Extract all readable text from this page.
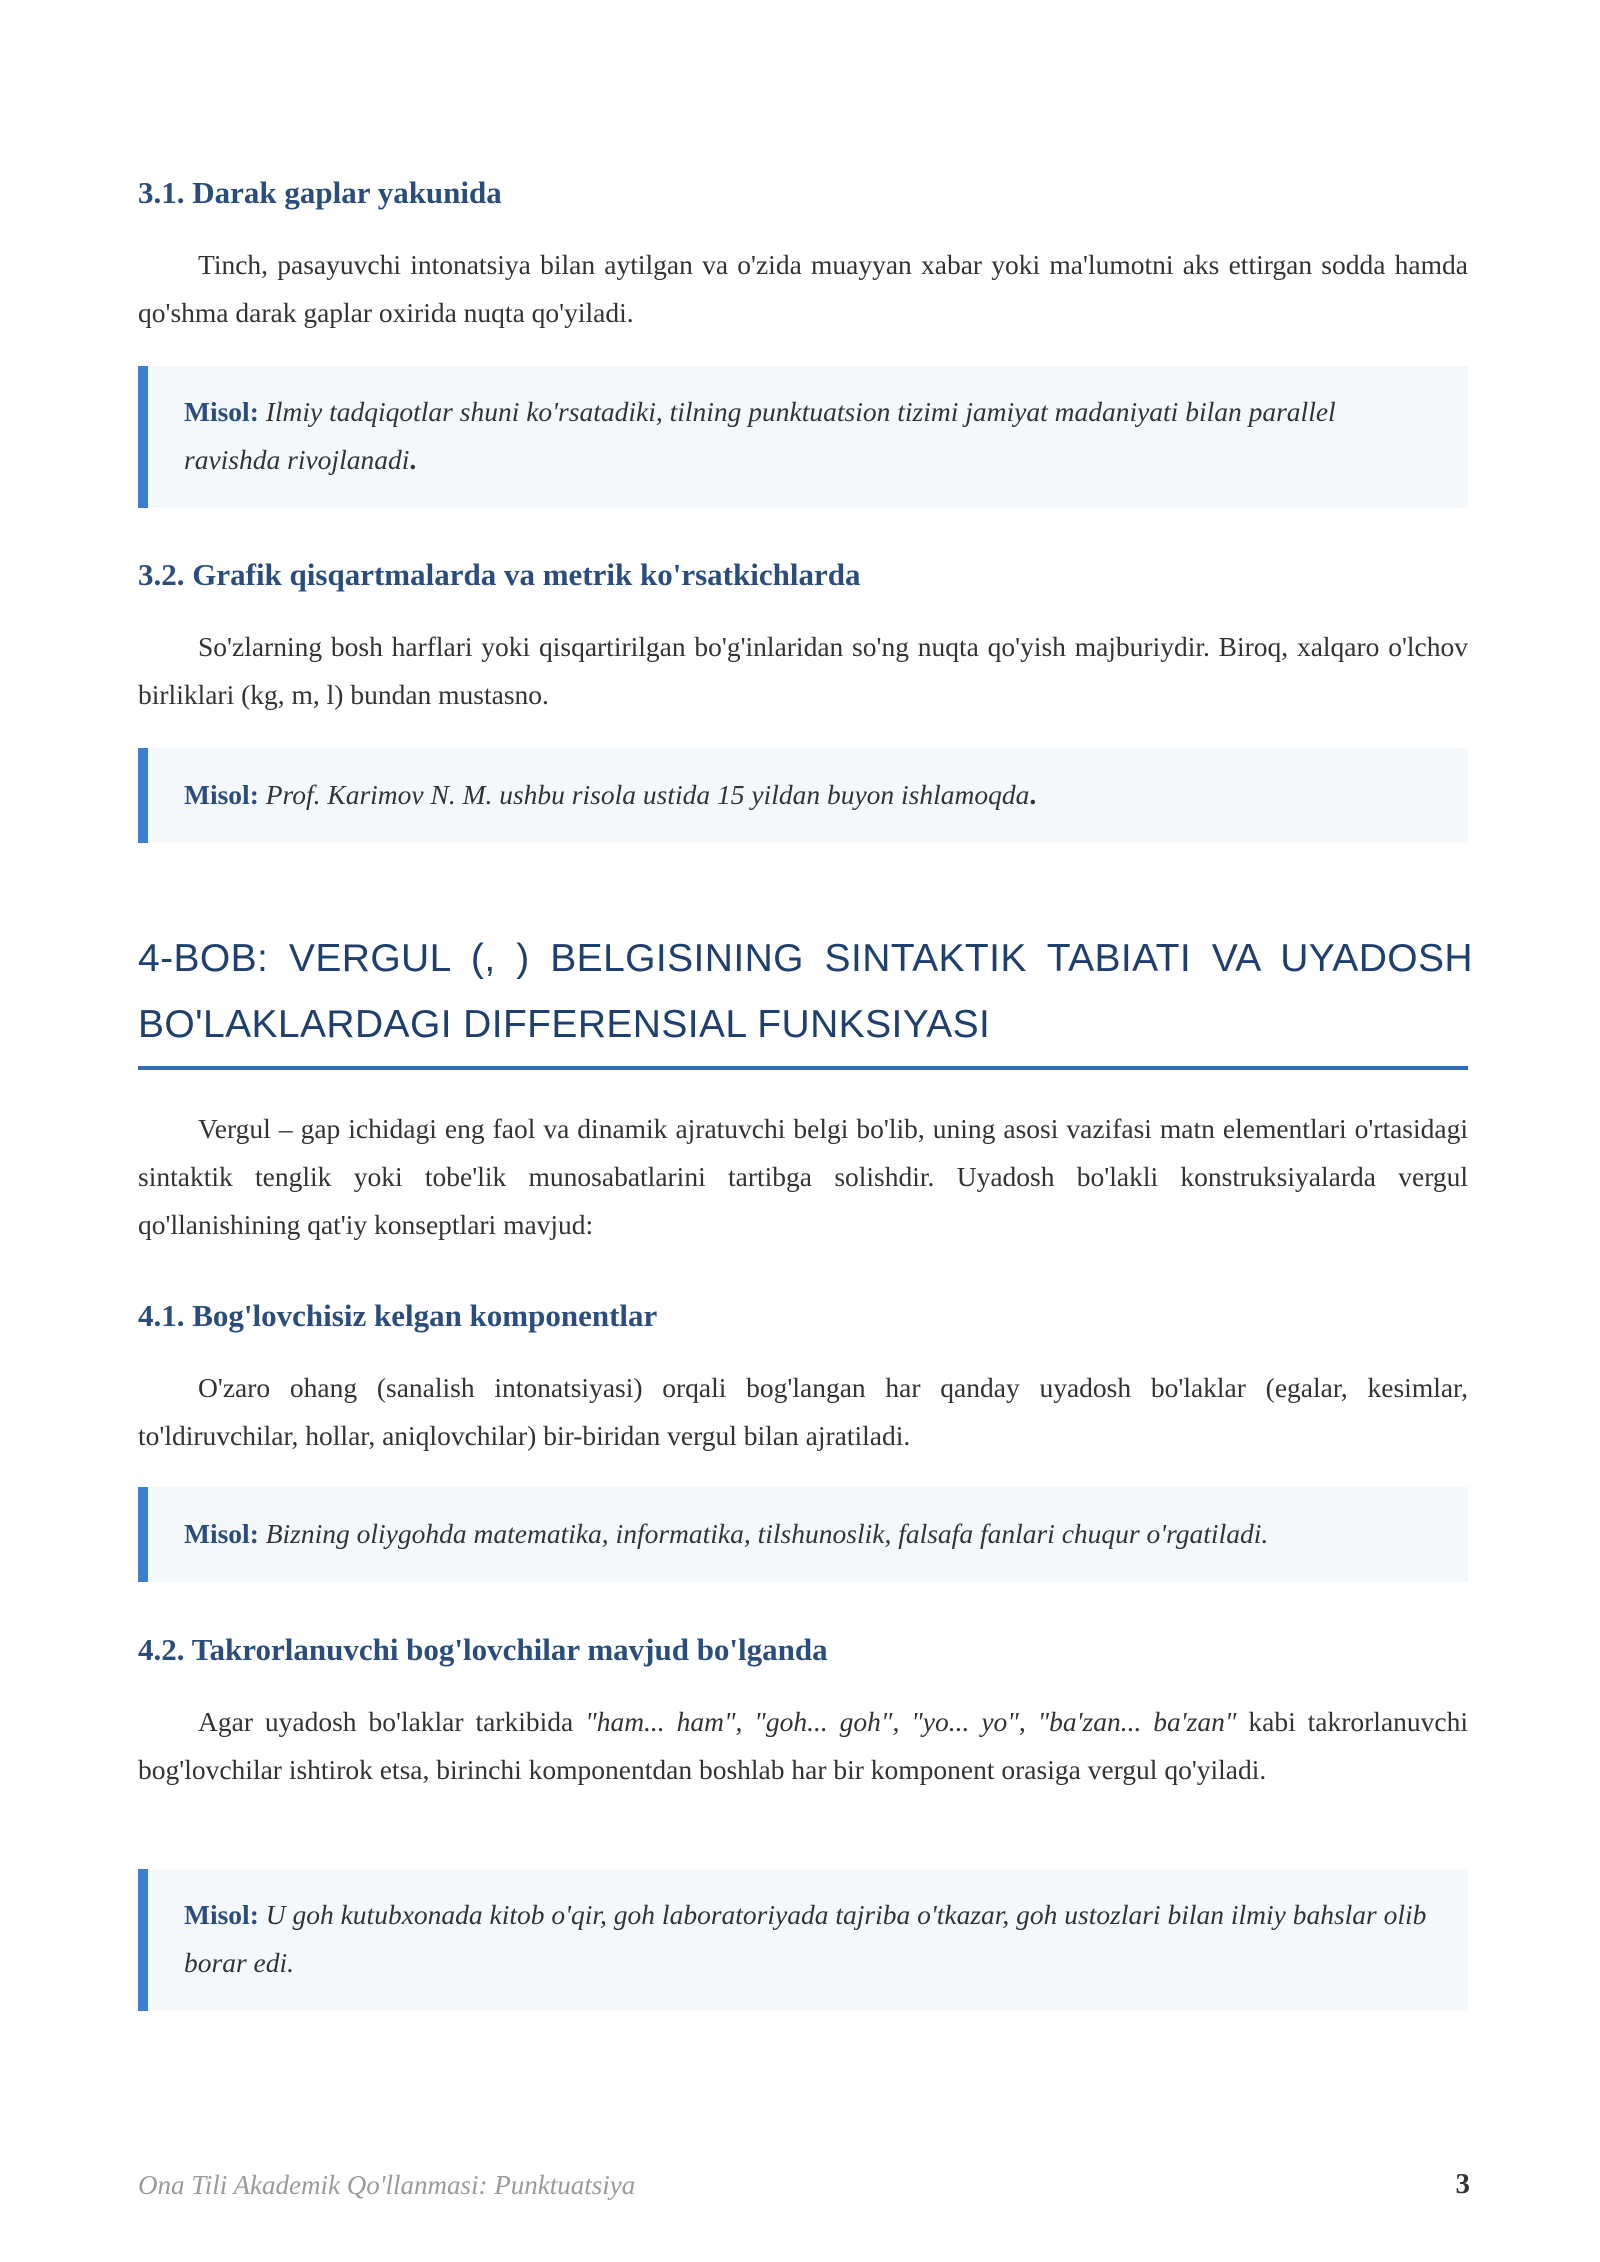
3.1. Darak gaplar yakunida

Tinch, pasayuvchi intonatsiya bilan aytilgan va o'zida muayyan xabar yoki ma'lumotni aks ettirgan sodda hamda qo'shma darak gaplar oxirida nuqta qo'yiladi.

Misol: Ilmiy tadqiqotlar shuni ko'rsatadiki, tilning punktuatsion tizimi jamiyat madaniyati bilan parallel ravishda rivojlanadi.
3.2. Grafik qisqartmalarda va metrik ko'rsatkichlarda

So'zlarning bosh harflari yoki qisqartirilgan bo'g'inlaridan so'ng nuqta qo'yish majburiydir. Biroq, xalqaro o'lchov birliklari (kg, m, l) bundan mustasno.

Misol: Prof. Karimov N. M. ushbu risola ustida 15 yildan buyon ishlamoqda.
4-BOB: VERGUL (, ) BELGISINING SINTAKTIK TABIATI VA UYADOSH BO'LAKLARDAGI DIFFERENSIAL FUNKSIYASI

Vergul – gap ichidagi eng faol va dinamik ajratuvchi belgi bo'lib, uning asosi vazifasi matn elementlari o'rtasidagi sintaktik tenglik yoki tobe'lik munosabatlarini tartibga solishdir. Uyadosh bo'lakli konstruksiyalarda vergul qo'llanishining qat'iy konseptlari mavjud:

4.1. Bog'lovchisiz kelgan komponentlar

O'zaro ohang (sanalish intonatsiyasi) orqali bog'langan har qanday uyadosh bo'laklar (egalar, kesimlar, to'ldiruvchilar, hollar, aniqlovchilar) bir-biridan vergul bilan ajratiladi.

Misol: Bizning oliygohda matematika, informatika, tilshunoslik, falsafa fanlari chuqur o'rgatiladi.
4.2. Takrorlanuvchi bog'lovchilar mavjud bo'lganda

Agar uyadosh bo'laklar tarkibida "ham... ham", "goh... goh", "yo... yo", "ba'zan... ba'zan" kabi takrorlanuvchi bog'lovchilar ishtirok etsa, birinchi komponentdan boshlab har bir komponent orasiga vergul qo'yiladi.

Misol: U goh kutubxonada kitob o'qir, goh laboratoriyada tajriba o'tkazar, goh ustozlari bilan ilmiy bahslar olib borar edi.
Ona Tili Akademik Qo'llanmasi: Punktuatsiya	3
